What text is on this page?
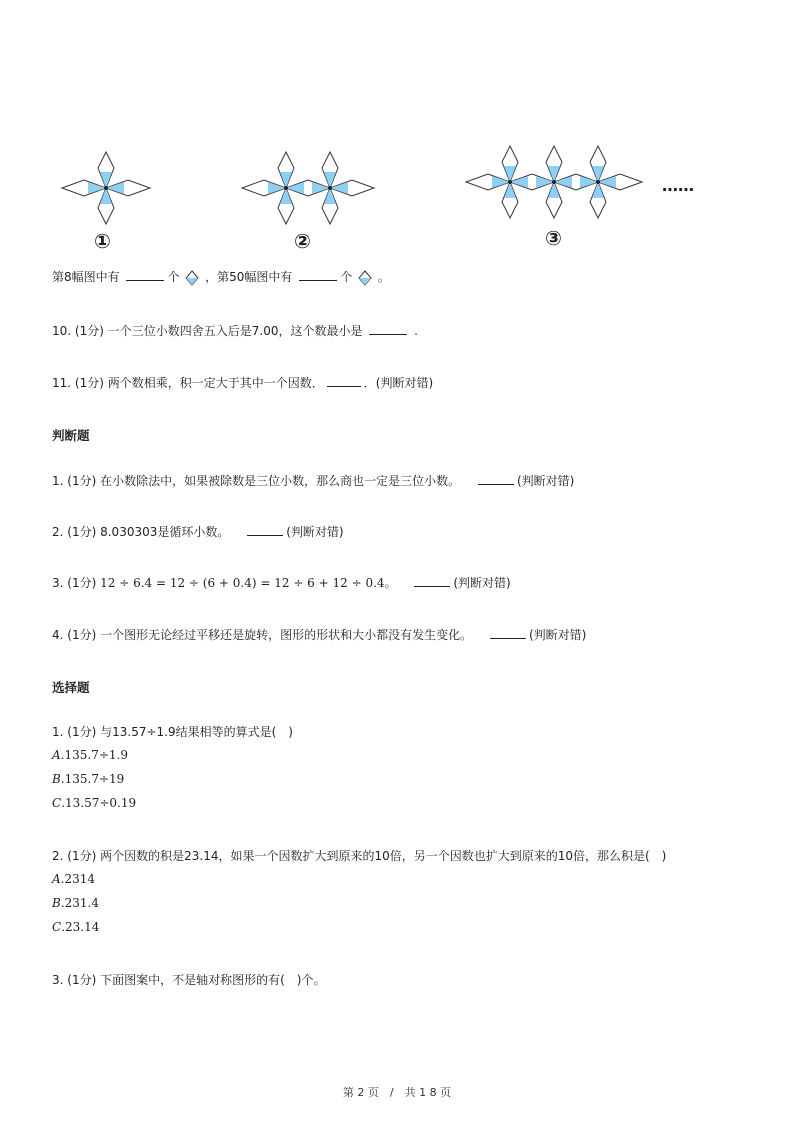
①	②	③
……
第8幅图中有	个 ，第50幅图中有	个 。
10. (1分) 一个三位小数四舍五入后是7.00，这个数最小是	.
11. (1分) 两个数相乘，积一定大于其中一个因数．	．(判断对错)
判断题
1. (1分) 在小数除法中，如果被除数是三位小数，那么商也一定是三位小数。	(判断对错)
2. (1分) 8.030303是循环小数。	(判断对错)
3. (1分) 12 ÷ 6.4 = 12 ÷ (6 + 0.4) = 12 ÷ 6 + 12 ÷ 0.4。	(判断对错)
4. (1分) 一个图形无论经过平移还是旋转，图形的形状和大小都没有发生变化。	(判断对错)
选择题
1. (1分) 与13.57÷1.9结果相等的算式是(　)
A.135.7÷1.9
B.135.7÷19
C.13.57÷0.19
2. (1分) 两个因数的积是23.14，如果一个因数扩大到原来的10倍，另一个因数也扩大到原来的10倍，那么积是(　)
A.2314
B.231.4
C.23.14
3. (1分) 下面图案中，不是轴对称图形的有(　)个。
第 2 页　/　共 1 8 页
